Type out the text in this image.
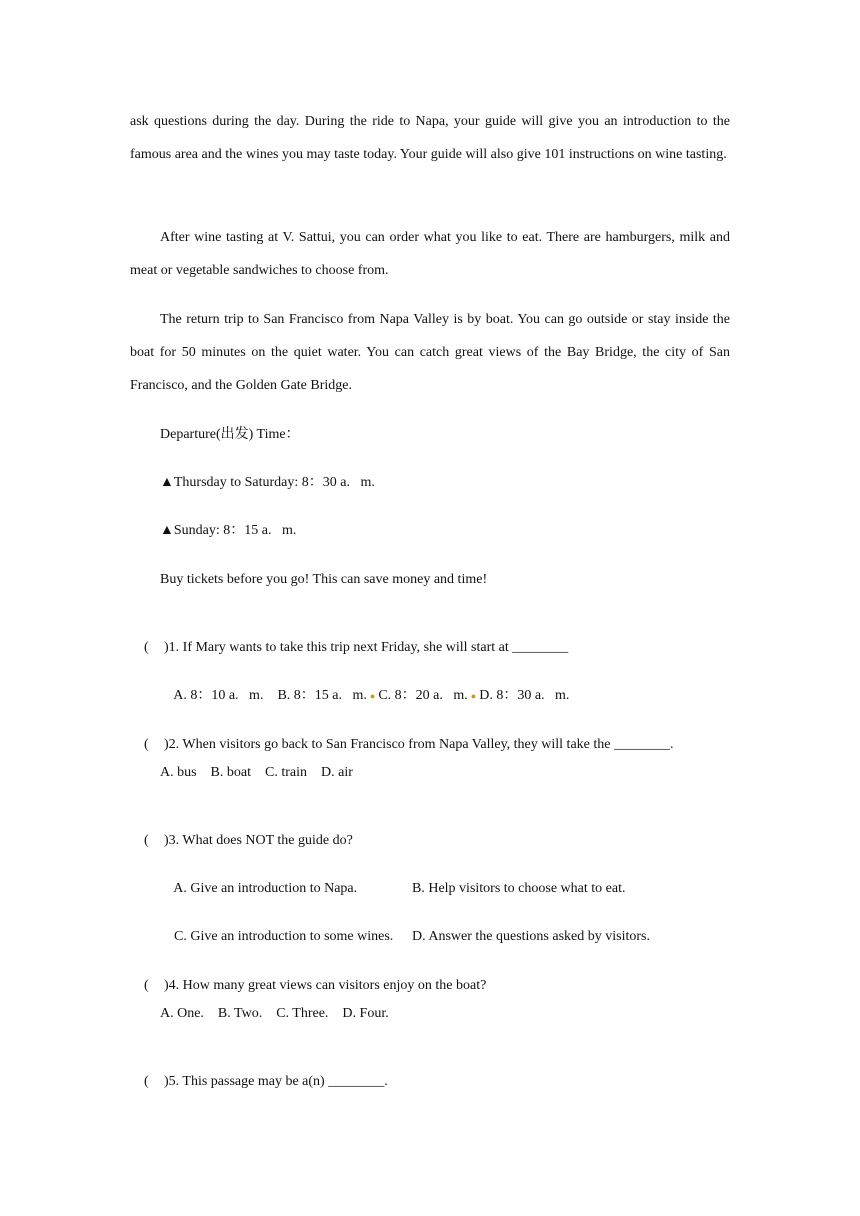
ask questions during the day. During the ride to Napa, your guide will give you an introduction to the famous area and the wines you may taste today. Your guide will also give 101 instructions on wine tasting.

After wine tasting at V. Sattui, you can order what you like to eat. There are hamburgers, milk and meat or vegetable sandwiches to choose from.

The return trip to San Francisco from Napa Valley is by boat. You can go outside or stay inside the boat for 50 minutes on the quiet water. You can catch great views of the Bay Bridge, the city of San Francisco, and the Golden Gate Bridge.

Departure(出发) Time：
▲Thursday to Saturday: 8：30 a.   m.
▲Sunday: 8：15 a.   m.
Buy tickets before you go! This can save money and time!

( )1. If Mary wants to take this trip next Friday, she will start at ________

A. 8：10 a.   m.    B. 8：15 a.   m. ● C. 8：20 a.   m. ● D. 8：30 a.   m.

( )2. When visitors go back to San Francisco from Napa Valley, they will take the ________.

A. bus    B. boat    C. train    D. air

( )3. What does NOT the guide do?

A. Give an introduction to Napa.	B. Help visitors to choose what to eat.

C. Give an introduction to some wines. D. Answer the questions asked by visitors.

( )4. How many great views can visitors enjoy on the boat?

A. One.    B. Two.    C. Three.    D. Four.

( )5. This passage may be a(n) ________.
